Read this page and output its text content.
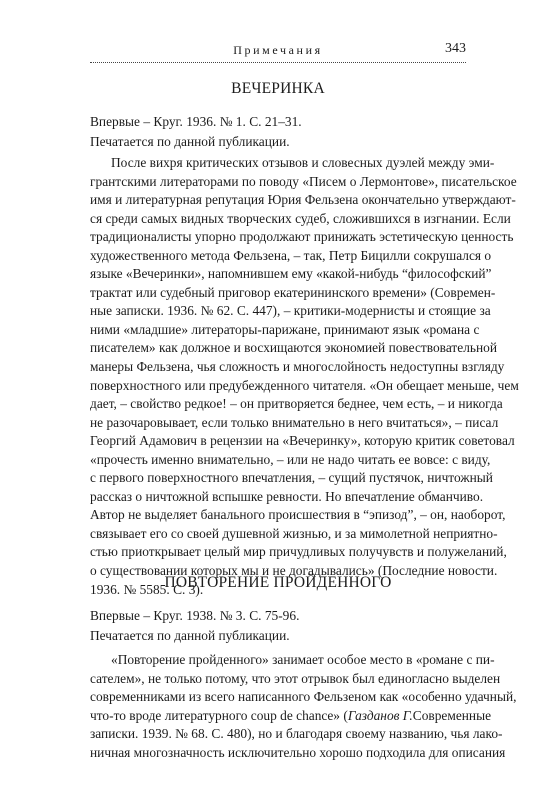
Примечания	343
ВЕЧЕРИНКА
Впервые – Круг. 1936. № 1. С. 21–31.
Печатается по данной публикации.
После вихря критических отзывов и словесных дуэлей между эми-
грантскими литераторами по поводу «Писем о Лермонтове», писательское
имя и литературная репутация Юрия Фельзена окончательно утверждают-
ся среди самых видных творческих судеб, сложившихся в изгнании. Если
традиционалисты упорно продолжают принижать эстетическую ценность
художественного метода Фельзена, – так, Петр Бицилли сокрушался о
языке «Вечеринки», напомнившем ему «какой-нибудь “философский”
трактат или судебный приговор екатерининского времени» (Современ-
ные записки. 1936. № 62. С. 447), – критики-модернисты и стоящие за
ними «младшие» литераторы-парижане, принимают язык «романа с
писателем» как должное и восхищаются экономией повествовательной
манеры Фельзена, чья сложность и многослойность недоступны взгляду
поверхностного или предубежденного читателя. «Он обещает меньше, чем
дает, – свойство редкое! – он притворяется беднее, чем есть, – и никогда
не разочаровывает, если только внимательно в него вчитаться», – писал
Георгий Адамович в рецензии на «Вечеринку», которую критик советовал
«прочесть именно внимательно, – или не надо читать ее вовсе: с виду,
с первого поверхностного впечатления, – сущий пустячок, ничтожный
рассказ о ничтожной вспышке ревности. Но впечатление обманчиво.
Автор не выделяет банального происшествия в “эпизод”, – он, наоборот,
связывает его со своей душевной жизнью, и за мимолетной неприятно-
стью приоткрывает целый мир причудливых получувств и полужеланий,
о существовании которых мы и не догадывались» (Последние новости.
1936. № 5585. С. 3).
ПОВТОРЕНИЕ ПРОЙДЕННОГО
Впервые – Круг. 1938. № 3. С. 75-96.
Печатается по данной публикации.
«Повторение пройденного» занимает особое место в «романе с пи-
сателем», не только потому, что этот отрывок был единогласно выделен
современниками из всего написанного Фельзеном как «особенно удачный,
что-то вроде литературного coup de chance» (Газданов Г. Современные
записки. 1939. № 68. С. 480), но и благодаря своему названию, чья лако-
ничная многозначность исключительно хорошо подходила для описания
